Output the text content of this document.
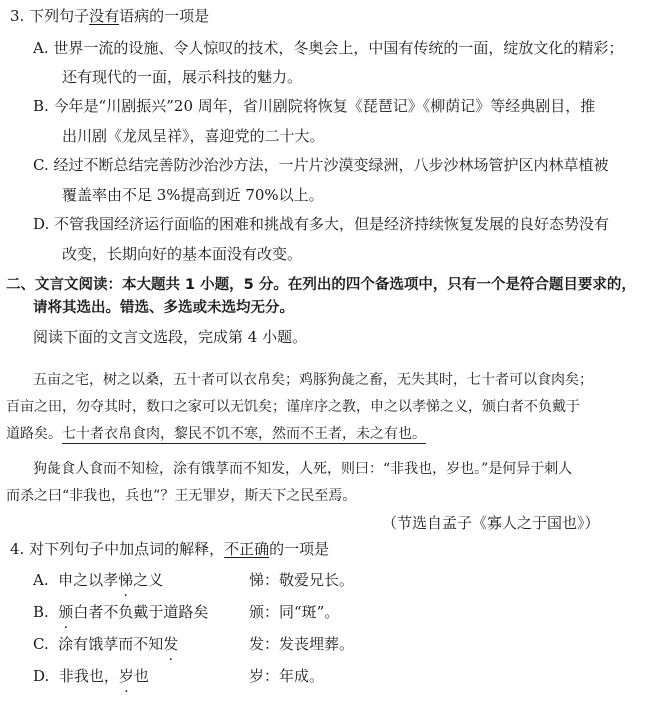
3. 下列句子没有语病的一项是
A. 世界一流的设施、令人惊叹的技术，冬奥会上，中国有传统的一面，绽放文化的精彩；
还有现代的一面，展示科技的魅力。
B. 今年是“川剧振兴”20 周年，省川剧院将恢复《琵琶记》《柳荫记》等经典剧目，推
出川剧《龙凤呈祥》，喜迎党的二十大。
C. 经过不断总结完善防沙治沙方法，一片片沙漠变绿洲，八步沙林场管护区内林草植被
覆盖率由不足 3%提高到近 70%以上。
D. 不管我国经济运行面临的困难和挑战有多大，但是经济持续恢复发展的良好态势没有
改变，长期向好的基本面没有改变。
二、文言文阅读：本大题共 1 小题，5 分。在列出的四个备选项中，只有一个是符合题目要求的，
请将其选出。错选、多选或未选均无分。
阅读下面的文言文选段，完成第 4 小题。
五亩之宅，树之以桑，五十者可以衣帛矣；鸡豚狗彘之畜，无失其时，七十者可以食肉矣；
百亩之田，勿夺其时，数口之家可以无饥矣；谨庠序之教，申之以孝悌之义，颁白者不负戴于
道路矣。七十者衣帛食肉，黎民不饥不寒，然而不王者，未之有也。
狗彘食人食而不知检，涂有饿莩而不知发，人死，则曰：“非我也，岁也。”是何异于刺人
而杀之曰“非我也，兵也”？王无罪岁，斯天下之民至焉。
（节选自孟子《寡人之于国也》）
4. 对下列句子中加点词的解释，不正确的一项是
A. 申之以孝悌之义	悌：敬爱兄长。
B. 颁白者不负戴于道路矣	颁：同“斑”。
C. 涂有饿莩而不知发	发：发丧埋葬。
D. 非我也，岁也	岁：年成。
